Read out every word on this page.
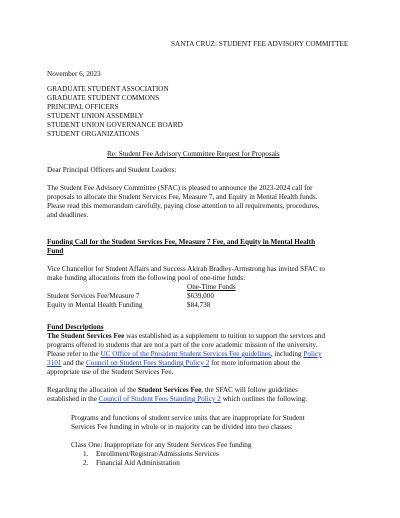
SANTA CRUZ: STUDENT FEE ADVISORY COMMITTEE
November 6, 2023
GRADUATE STUDENT ASSOCIATION
GRADUATE STUDENT COMMONS
PRINCIPAL OFFICERS
STUDENT UNION ASSEMBLY
STUDENT UNION GOVERNANCE BOARD
STUDENT ORGANIZATIONS
Re: Student Fee Advisory Committee Request for Proposals
Dear Principal Officers and Student Leaders:
The Student Fee Advisory Committee (SFAC) is pleased to announce the 2023-2024 call for
proposals to allocate the Student Services Fee, Measure 7, and Equity in Mental Health funds.
Please read this memorandum carefully, paying close attention to all requirements, procedures,
and deadlines.
Funding Call for the Student Services Fee, Measure 7 Fee, and Equity in Mental Health
Fund
Vice Chancellor for Student Affairs and Success Akirah Bradley-Armstrong has invited SFAC to
make funding allocations from the following pool of one-time funds:
One-Time Funds
Student Services Fee/Measure 7	$639,000
Equity in Mental Health Funding	$84,738
Fund Descriptions
The Student Services Fee was established as a supplement to tuition to support the services and
programs offered to students that are not a part of the core academic mission of the university.
Please refer to the UC Office of the President Student Services Fee guidelines, including Policy
3101 and the Council on Student Fees Standing Policy 2 for more information about the
appropriate use of the Student Services Fee.
Regarding the allocation of the Student Services Fee, the SFAC will follow guidelines
established in the Council of Student Fees Standing Policy 2 which outlines the following:
Programs and functions of student service units that are inappropriate for Student
Services Fee funding in whole or in majority can be divided into two classes:
Class One: Inappropriate for any Student Services Fee funding
1. Enrollment/Registrar/Admissions Services
2. Financial Aid Administration
